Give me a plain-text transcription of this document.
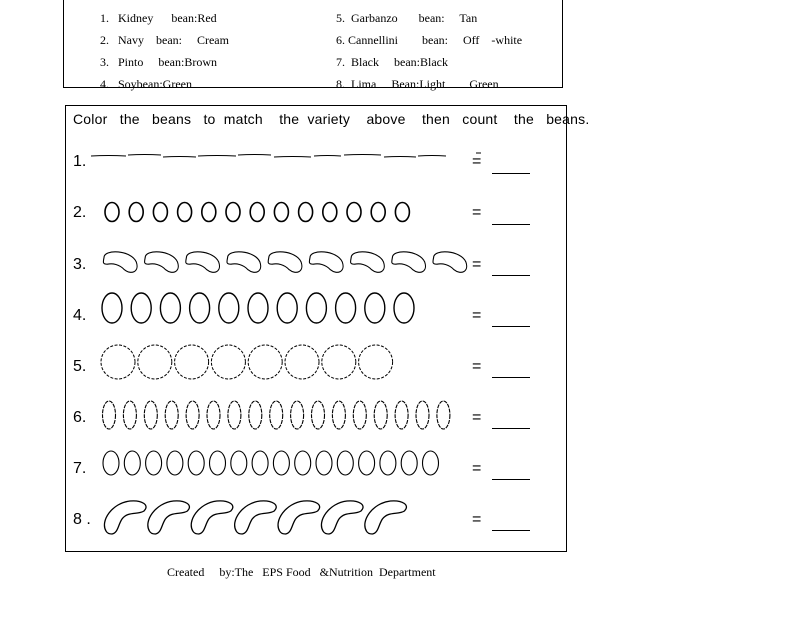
1. Kidney      bean:Red

2. Navy    bean:     Cream

3. Pinto     bean:Brown

4. Soybean:Green

5. Garbanzo       bean:     Tan

6. Cannellini        bean:     Off    -white

7. Black     bean:Black

8. Lima     Bean:Light        Green

Color   the   beans   to  match    the  variety    above    then   count    the   beans.
1.
2.
3.
4.
5.
6.
7.
8 .
=
=
=
=
=
=
=
=
Created     by:The   EPS Food   &Nutrition  Department
